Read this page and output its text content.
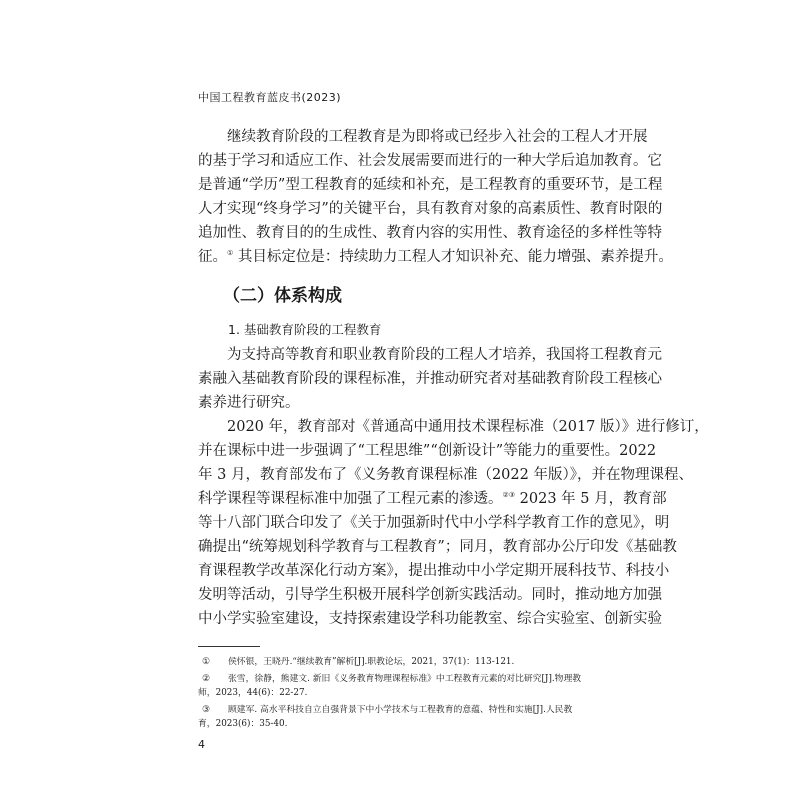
中国工程教育蓝皮书(2023)
继续教育阶段的工程教育是为即将或已经步入社会的工程人才开展
的基于学习和适应工作、社会发展需要而进行的一种大学后追加教育。它
是普通“学历”型工程教育的延续和补充，是工程教育的重要环节，是工程
人才实现“终身学习”的关键平台，具有教育对象的高素质性、教育时限的
追加性、教育目的的生成性、教育内容的实用性、教育途径的多样性等特
征。① 其目标定位是：持续助力工程人才知识补充、能力增强、素养提升。
（二）体系构成
1. 基础教育阶段的工程教育
为支持高等教育和职业教育阶段的工程人才培养，我国将工程教育元
素融入基础教育阶段的课程标准，并推动研究者对基础教育阶段工程核心
素养进行研究。
2020 年，教育部对《普通高中通用技术课程标准（2017 版）》进行修订，
并在课标中进一步强调了“工程思维”“创新设计”等能力的重要性。2022
年 3 月，教育部发布了《义务教育课程标准（2022 年版）》，并在物理课程、
科学课程等课程标准中加强了工程元素的渗透。②③ 2023 年 5 月，教育部
等十八部门联合印发了《关于加强新时代中小学科学教育工作的意见》，明
确提出“统筹规划科学教育与工程教育”；同月，教育部办公厅印发《基础教
育课程教学改革深化行动方案》，提出推动中小学定期开展科技节、科技小
发明等活动，引导学生积极开展科学创新实践活动。同时，推动地方加强
中小学实验室建设，支持探索建设学科功能教室、综合实验室、创新实验
① 侯怀银，王晓丹.“继续教育”解析[J].职教论坛，2021，37(1)：113-121.
② 张雪，徐静，熊建文. 新旧《义务教育物理课程标准》中工程教育元素的对比研究[J].物理教
师，2023，44(6)：22-27.
③ 顾建军. 高水平科技自立自强背景下中小学技术与工程教育的意蕴、特性和实施[J].人民教
育，2023(6)：35-40.
4
